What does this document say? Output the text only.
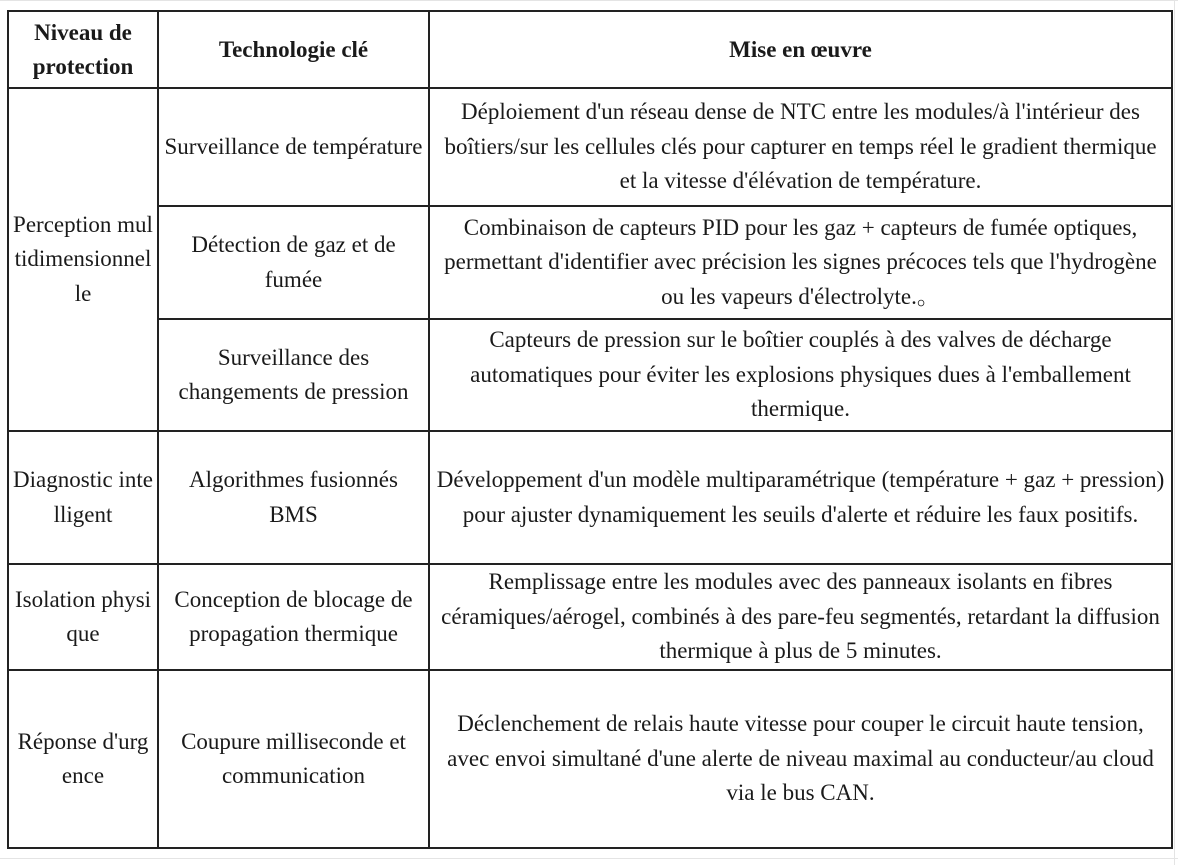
Niveau de protection	Technologie clé	Mise en œuvre
Perception multidimensionnelle	Surveillance de température	Déploiement d'un réseau dense de NTC entre les modules/à l'intérieur des boîtiers/sur les cellules clés pour capturer en temps réel le gradient thermique et la vitesse d'élévation de température.
	Détection de gaz et de fumée	Combinaison de capteurs PID pour les gaz + capteurs de fumée optiques, permettant d'identifier avec précision les signes précoces tels que l'hydrogène ou les vapeurs d'électrolyte.。
	Surveillance des changements de pression	Capteurs de pression sur le boîtier couplés à des valves de décharge automatiques pour éviter les explosions physiques dues à l'emballement thermique.
Diagnostic intelligent	Algorithmes fusionnés BMS	Développement d'un modèle multiparamétrique (température + gaz + pression) pour ajuster dynamiquement les seuils d'alerte et réduire les faux positifs.
Isolation physique	Conception de blocage de propagation thermique	Remplissage entre les modules avec des panneaux isolants en fibres céramiques/aérogel, combinés à des pare-feu segmentés, retardant la diffusion thermique à plus de 5 minutes.
Réponse d'urgence	Coupure milliseconde et communication	Déclenchement de relais haute vitesse pour couper le circuit haute tension, avec envoi simultané d'une alerte de niveau maximal au conducteur/au cloud via le bus CAN.
